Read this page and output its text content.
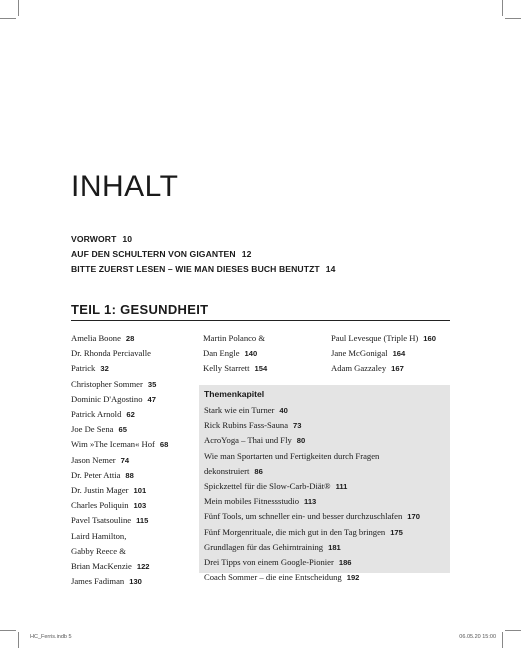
INHALT
VORWORT 10
AUF DEN SCHULTERN VON GIGANTEN 12
BITTE ZUERST LESEN – WIE MAN DIESES BUCH BENUTZT 14
TEIL 1: GESUNDHEIT
Amelia Boone 28
Dr. Rhonda Perciavalle
Patrick 32
Christopher Sommer 35
Dominic D'Agostino 47
Patrick Arnold 62
Joe De Sena 65
Wim »The Iceman« Hof 68
Jason Nemer 74
Dr. Peter Attia 88
Dr. Justin Mager 101
Charles Poliquin 103
Pavel Tsatsouline 115
Laird Hamilton,
Gabby Reece &
Brian MacKenzie 122
James Fadiman 130
Martin Polanco &
Dan Engle 140
Kelly Starrett 154
Paul Levesque (Triple H) 160
Jane McGonigal 164
Adam Gazzaley 167
Themenkapitel
Stark wie ein Turner 40
Rick Rubins Fass-Sauna 73
AcroYoga – Thai und Fly 80
Wie man Sportarten und Fertigkeiten durch Fragen
dekonstruiert 86
Spickzettel für die Slow-Carb-Diät® 111
Mein mobiles Fitnessstudio 113
Fünf Tools, um schneller ein- und besser durchzuschlafen 170
Fünf Morgenrituale, die mich gut in den Tag bringen 175
Grundlagen für das Gehirntraining 181
Drei Tipps von einem Google-Pionier 186
Coach Sommer – die eine Entscheidung 192
HC_Ferris.indb 5	06.05.20 15:00
